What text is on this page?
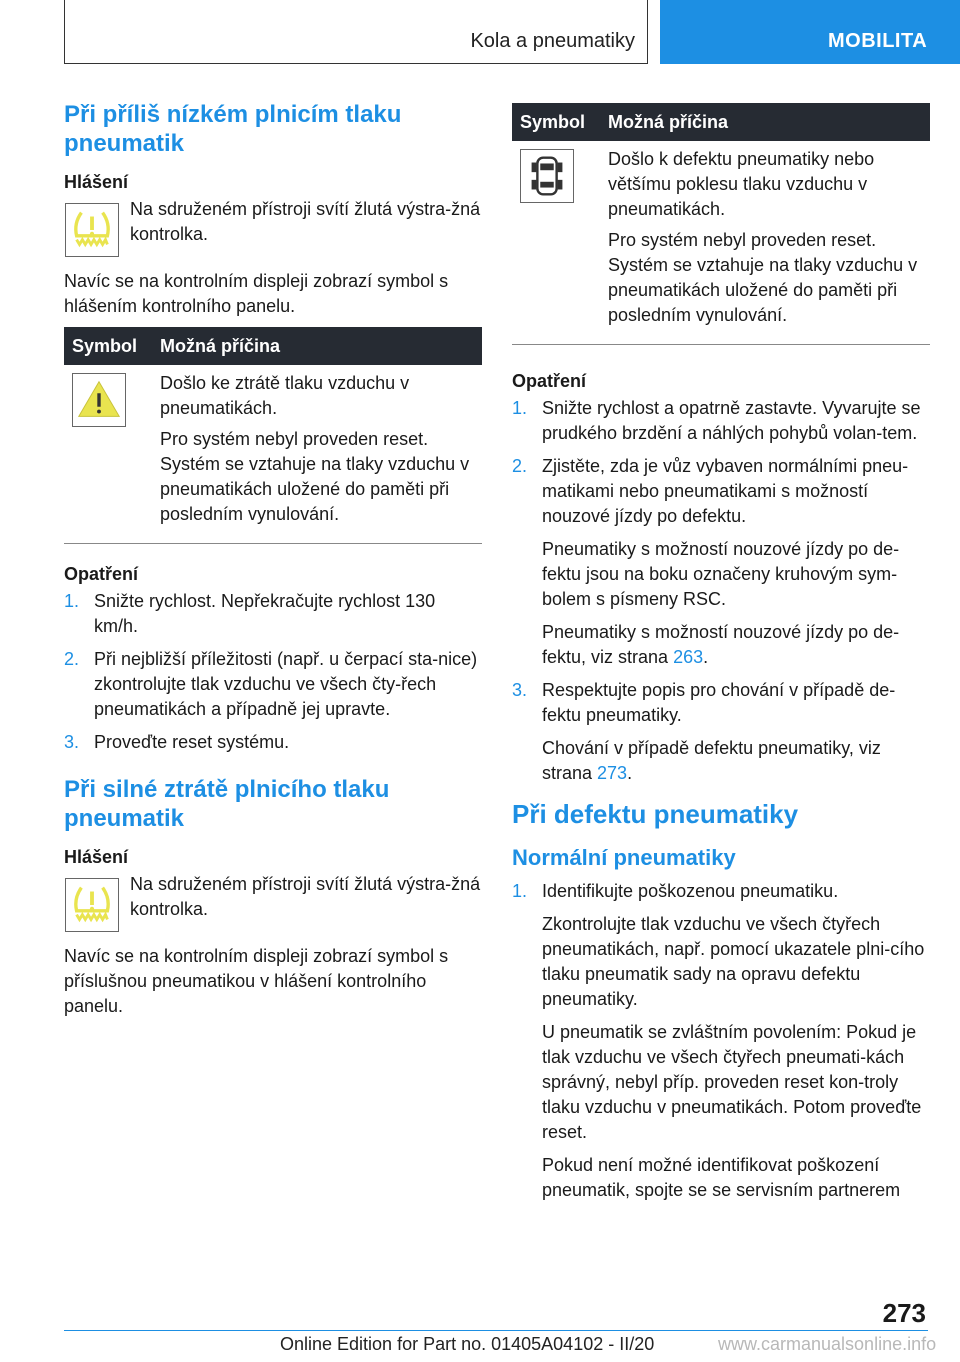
Kola a pneumatiky	MOBILITA
Při příliš nízkém plnicím tlaku pneumatik
Hlášení

Na sdruženém přístroji svítí žlutá výstra-žná kontrolka.

Navíc se na kontrolním displeji zobrazí symbol s hlášením kontrolního panelu.

Symbol	Možná příčina

Došlo ke ztrátě tlaku vzduchu v pneumatikách.

Pro systém nebyl proveden reset. Systém se vztahuje na tlaky vzduchu v pneumatikách uložené do paměti při posledním vynulování.

Opatření
1. Snižte rychlost. Nepřekračujte rychlost 130 km/h.
2. Při nejbližší příležitosti (např. u čerpací sta-nice) zkontrolujte tlak vzduchu ve všech čty-řech pneumatikách a případně jej upravte.
3. Proveďte reset systému.
Při silné ztrátě plnicího tlaku pneumatik
Hlášení

Na sdruženém přístroji svítí žlutá výstra-žná kontrolka.

Navíc se na kontrolním displeji zobrazí symbol s příslušnou pneumatikou v hlášení kontrolního panelu.

Symbol	Možná příčina

Došlo k defektu pneumatiky nebo většímu poklesu tlaku vzduchu v pneumatikách.

Pro systém nebyl proveden reset. Systém se vztahuje na tlaky vzduchu v pneumatikách uložené do paměti při posledním vynulování.

Opatření
1. Snižte rychlost a opatrně zastavte. Vyvarujte se prudkého brzdění a náhlých pohybů volan-tem.

2. Zjistěte, zda je vůz vybaven normálními pneu-matikami nebo pneumatikami s možností nouzové jízdy po defektu.

Pneumatiky s možností nouzové jízdy po de-fektu jsou na boku označeny kruhovým sym-bolem s písmeny RSC.

Pneumatiky s možností nouzové jízdy po de-fektu, viz strana 263.

3. Respektujte popis pro chování v případě de-fektu pneumatiky.

Chování v případě defektu pneumatiky, viz strana 273.

Při defektu pneumatiky
Normální pneumatiky
1. Identifikujte poškozenou pneumatiku.

Zkontrolujte tlak vzduchu ve všech čtyřech pneumatikách, např. pomocí ukazatele plni-cího tlaku pneumatik sady na opravu defektu pneumatiky.

U pneumatik se zvláštním povolením: Pokud je tlak vzduchu ve všech čtyřech pneumati-kách správný, nebyl příp. proveden reset kon-troly tlaku vzduchu v pneumatikách. Potom proveďte reset.

Pokud není možné identifikovat poškození pneumatik, spojte se se servisním partnerem

273
Online Edition for Part no. 01405A04102 - II/20	www.carmanualsonline.info
